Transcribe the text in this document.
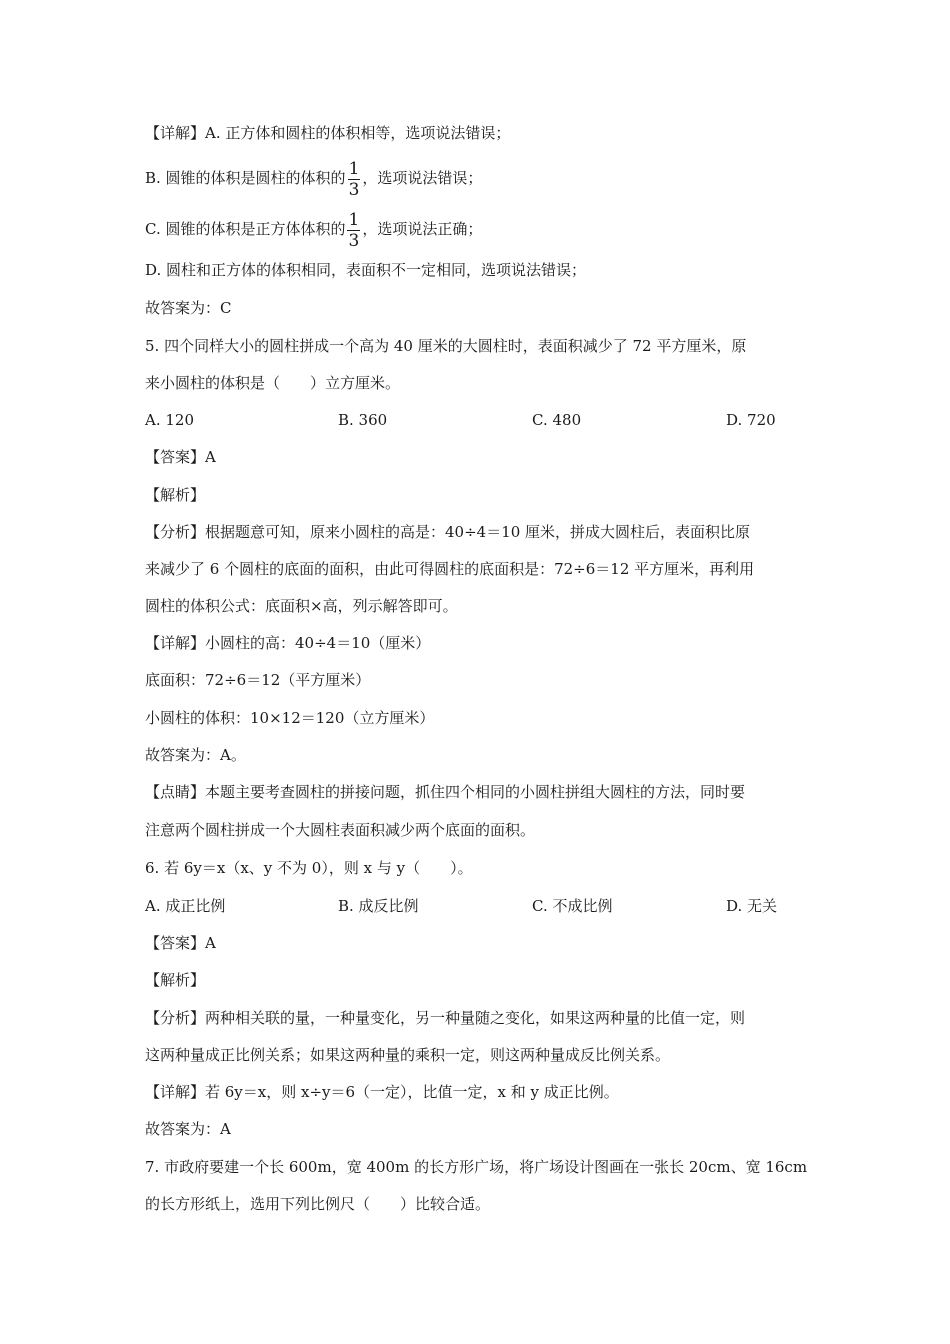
【详解】A. 正方体和圆柱的体积相等，选项说法错误；
B. 圆锥的体积是圆柱的体积的 $\frac{1}{3}$ ，选项说法错误；
C. 圆锥的体积是正方体体积的 $\frac{1}{3}$ ，选项说法正确；
D. 圆柱和正方体的体积相同，表面积不一定相同，选项说法错误；
故答案为：C
5. 四个同样大小的圆柱拼成一个高为 40 厘米的大圆柱时，表面积减少了 72 平方厘米，原
来小圆柱的体积是（　　）立方厘米。
A. 120	B. 360	C. 480	D. 720
【答案】A
【解析】
【分析】根据题意可知，原来小圆柱的高是：40÷4＝10 厘米，拼成大圆柱后，表面积比原
来减少了 6 个圆柱的底面的面积，由此可得圆柱的底面积是：72÷6＝12 平方厘米，再利用
圆柱的体积公式：底面积×高，列示解答即可。
【详解】小圆柱的高：40÷4＝10（厘米）
底面积：72÷6＝12（平方厘米）
小圆柱的体积：10×12＝120（立方厘米）
故答案为：A。
【点睛】本题主要考查圆柱的拼接问题，抓住四个相同的小圆柱拼组大圆柱的方法，同时要
注意两个圆柱拼成一个大圆柱表面积减少两个底面的面积。
6. 若 6y＝x（x、y 不为 0），则 x 与 y（　　）。
A. 成正比例	B. 成反比例	C. 不成比例	D. 无关
【答案】A
【解析】
【分析】两种相关联的量，一种量变化，另一种量随之变化，如果这两种量的比值一定，则
这两种量成正比例关系；如果这两种量的乘积一定，则这两种量成反比例关系。
【详解】若 6y＝x，则 x÷y＝6（一定），比值一定，x 和 y 成正比例。
故答案为：A
7. 市政府要建一个长 600m，宽 400m 的长方形广场，将广场设计图画在一张长 20cm、宽 16cm
的长方形纸上，选用下列比例尺（　　）比较合适。
